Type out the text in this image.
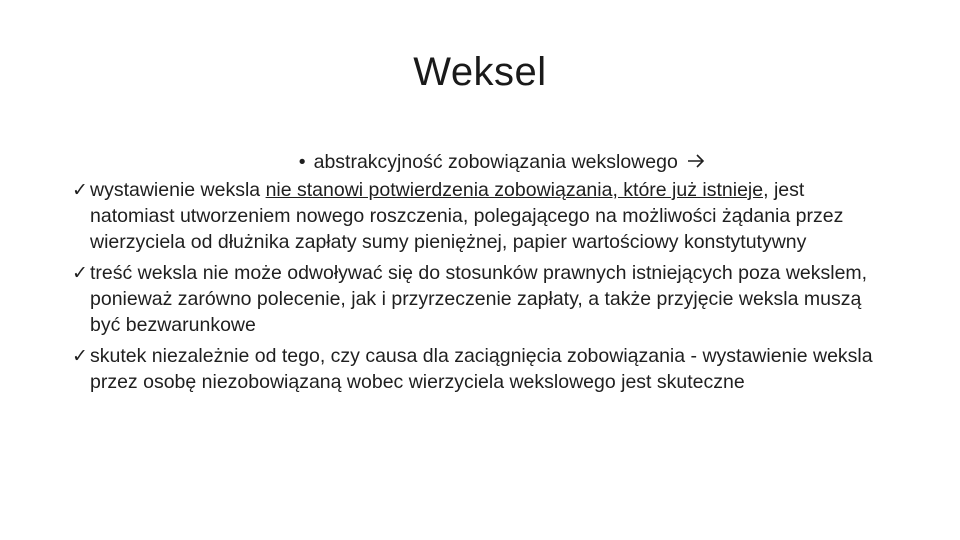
Weksel

• abstrakcyjność zobowiązania wekslowego

✓ wystawienie weksla nie stanowi potwierdzenia zobowiązania, które już istnieje, jest natomiast utworzeniem nowego roszczenia, polegającego na możliwości żądania przez wierzyciela od dłużnika zapłaty sumy pieniężnej, papier wartościowy konstytutywny

✓ treść weksla nie może odwoływać się do stosunków prawnych istniejących poza wekslem, ponieważ zarówno polecenie, jak i przyrzeczenie zapłaty, a także przyjęcie weksla muszą być bezwarunkowe

✓ skutek niezależnie od tego, czy causa dla zaciągnięcia zobowiązania - wystawienie weksla przez osobę niezobowiązaną wobec wierzyciela wekslowego jest skuteczne
